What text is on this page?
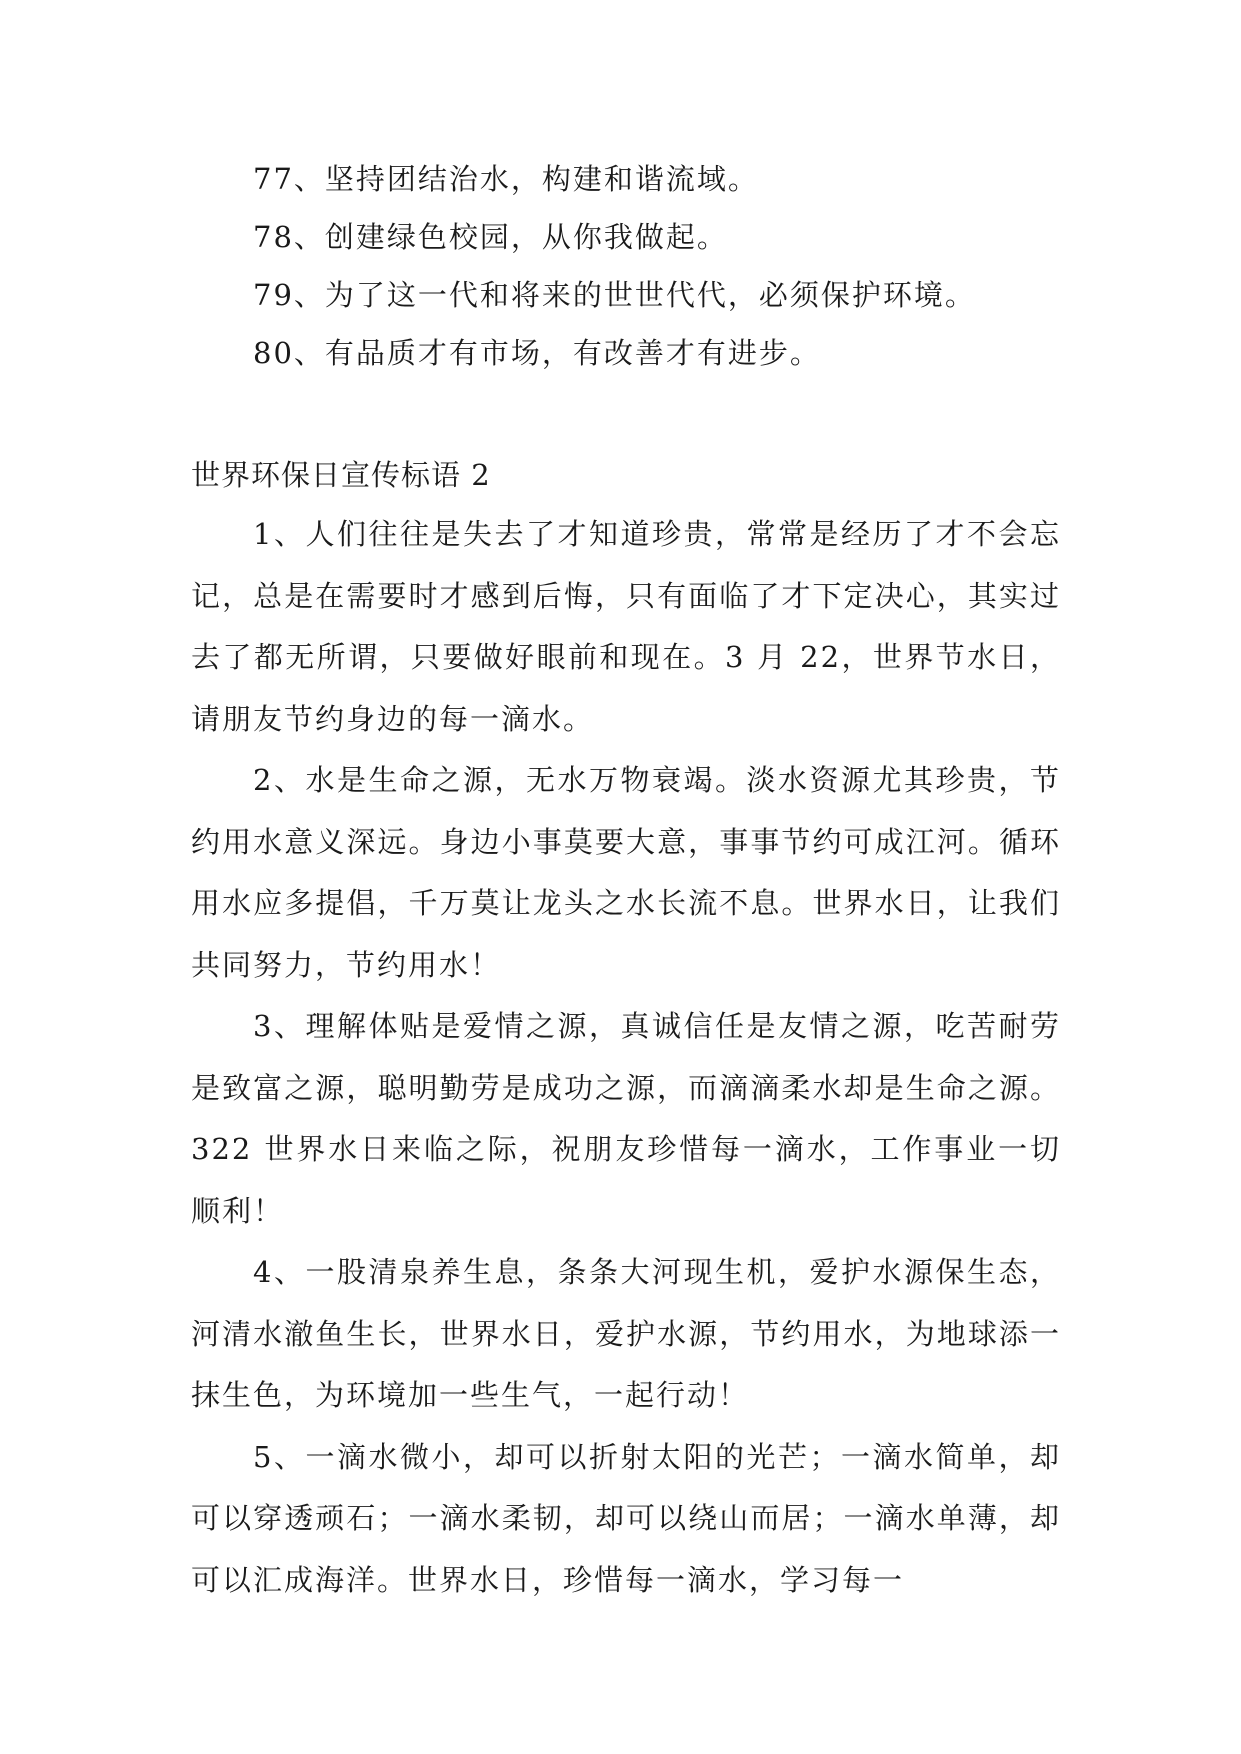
77、坚持团结治水，构建和谐流域。
78、创建绿色校园，从你我做起。
79、为了这一代和将来的世世代代，必须保护环境。
80、有品质才有市场，有改善才有进步。
世界环保日宣传标语 2

1、人们往往是失去了才知道珍贵，常常是经历了才不会忘记，总是在需要时才感到后悔，只有面临了才下定决心，其实过去了都无所谓，只要做好眼前和现在。3 月 22，世界节水日，请朋友节约身边的每一滴水。

2、水是生命之源，无水万物衰竭。淡水资源尤其珍贵，节约用水意义深远。身边小事莫要大意，事事节约可成江河。循环用水应多提倡，千万莫让龙头之水长流不息。世界水日，让我们共同努力，节约用水！

3、理解体贴是爱情之源，真诚信任是友情之源，吃苦耐劳是致富之源，聪明勤劳是成功之源，而滴滴柔水却是生命之源。322 世界水日来临之际，祝朋友珍惜每一滴水，工作事业一切顺利！

4、一股清泉养生息，条条大河现生机，爱护水源保生态，河清水澈鱼生长，世界水日，爱护水源，节约用水，为地球添一抹生色，为环境加一些生气，一起行动！

5、一滴水微小，却可以折射太阳的光芒；一滴水简单，却可以穿透顽石；一滴水柔韧，却可以绕山而居；一滴水单薄，却可以汇成海洋。世界水日，珍惜每一滴水，学习每一
